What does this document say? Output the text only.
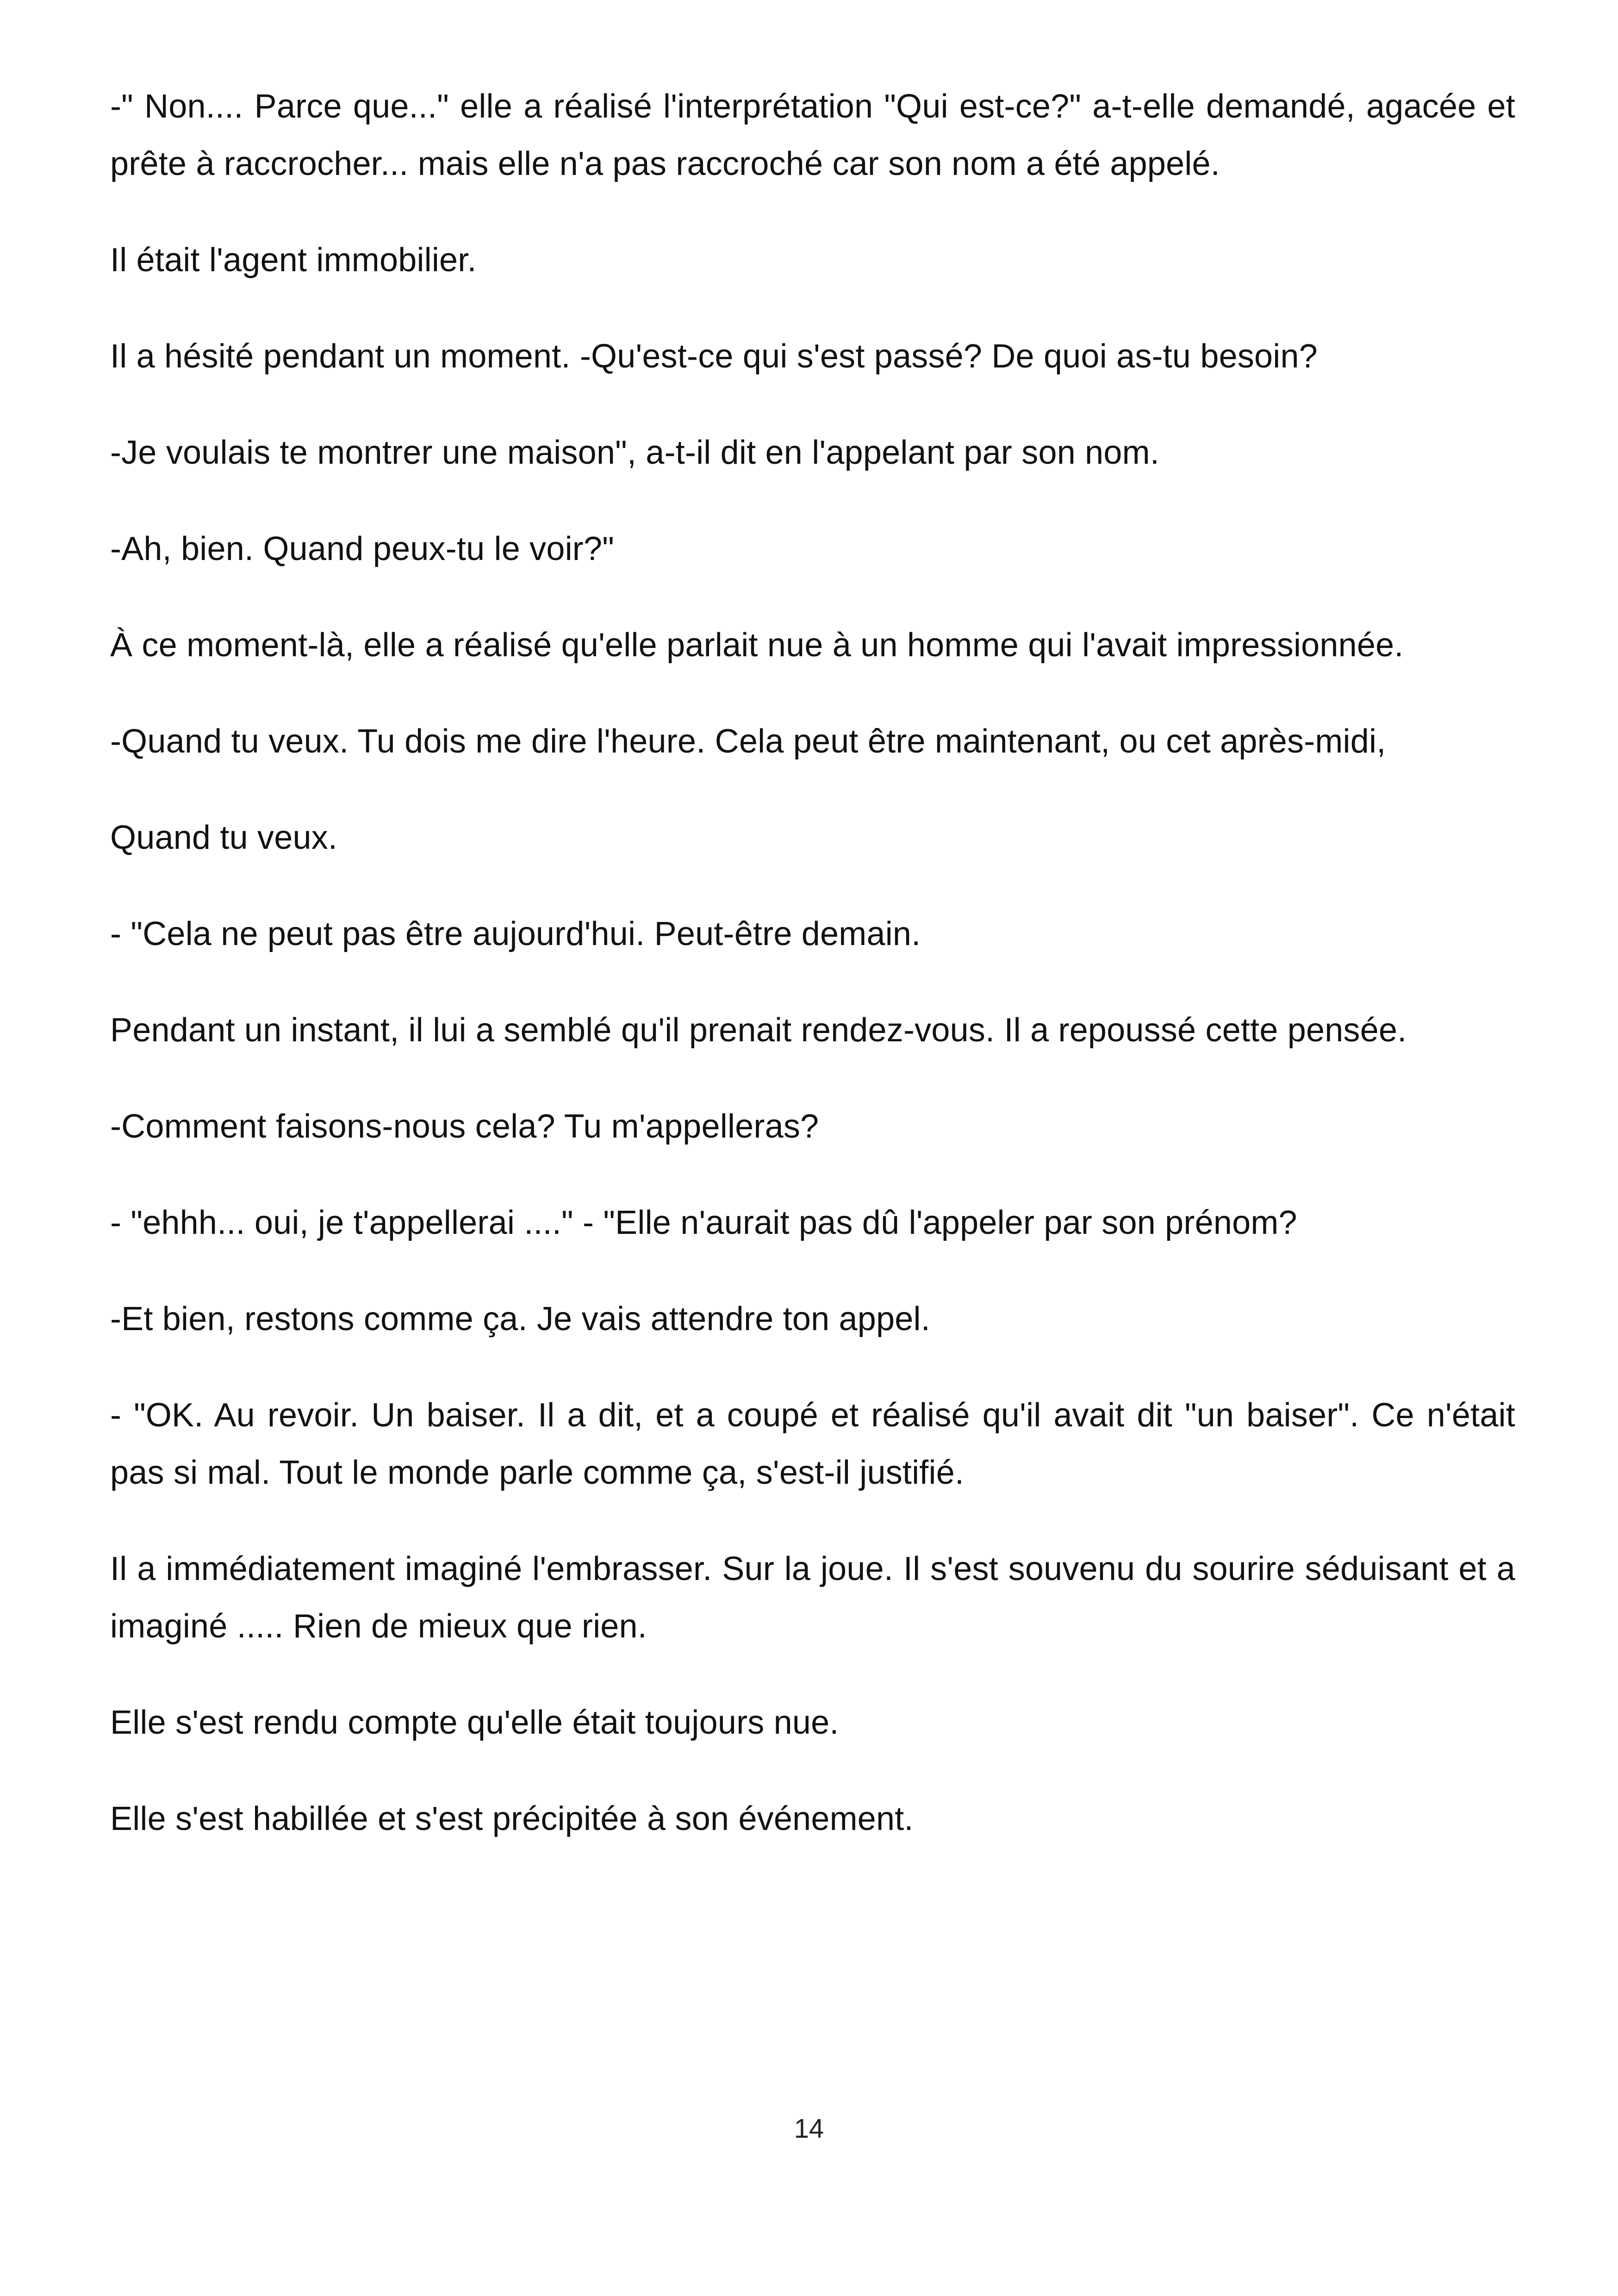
-" Non.... Parce que..." elle a réalisé l'interprétation "Qui est-ce?" a-t-elle demandé, agacée et prête à raccrocher... mais elle n'a pas raccroché car son nom a été appelé.

Il était l'agent immobilier.

Il a hésité pendant un moment. -Qu'est-ce qui s'est passé? De quoi as-tu besoin?

-Je voulais te montrer une maison", a-t-il dit en l'appelant par son nom.

-Ah, bien. Quand peux-tu le voir?"

À ce moment-là, elle a réalisé qu'elle parlait nue à un homme qui l'avait impressionnée.

-Quand tu veux. Tu dois me dire l'heure. Cela peut être maintenant, ou cet après-midi,

Quand tu veux.

- "Cela ne peut pas être aujourd'hui. Peut-être demain.

Pendant un instant, il lui a semblé qu'il prenait rendez-vous. Il a repoussé cette pensée.

-Comment faisons-nous cela? Tu m'appelleras?

- "ehhh... oui, je t'appellerai ...." - "Elle n'aurait pas dû l'appeler par son prénom?

-Et bien, restons comme ça. Je vais attendre ton appel.

- "OK. Au revoir. Un baiser. Il a dit, et a coupé et réalisé qu'il avait dit "un baiser". Ce n'était pas si mal. Tout le monde parle comme ça, s'est-il justifié.

Il a immédiatement imaginé l'embrasser. Sur la joue. Il s'est souvenu du sourire séduisant et a imaginé ..... Rien de mieux que rien.

Elle s'est rendu compte qu'elle était toujours nue.

Elle s'est habillée et s'est précipitée à son événement.

14
